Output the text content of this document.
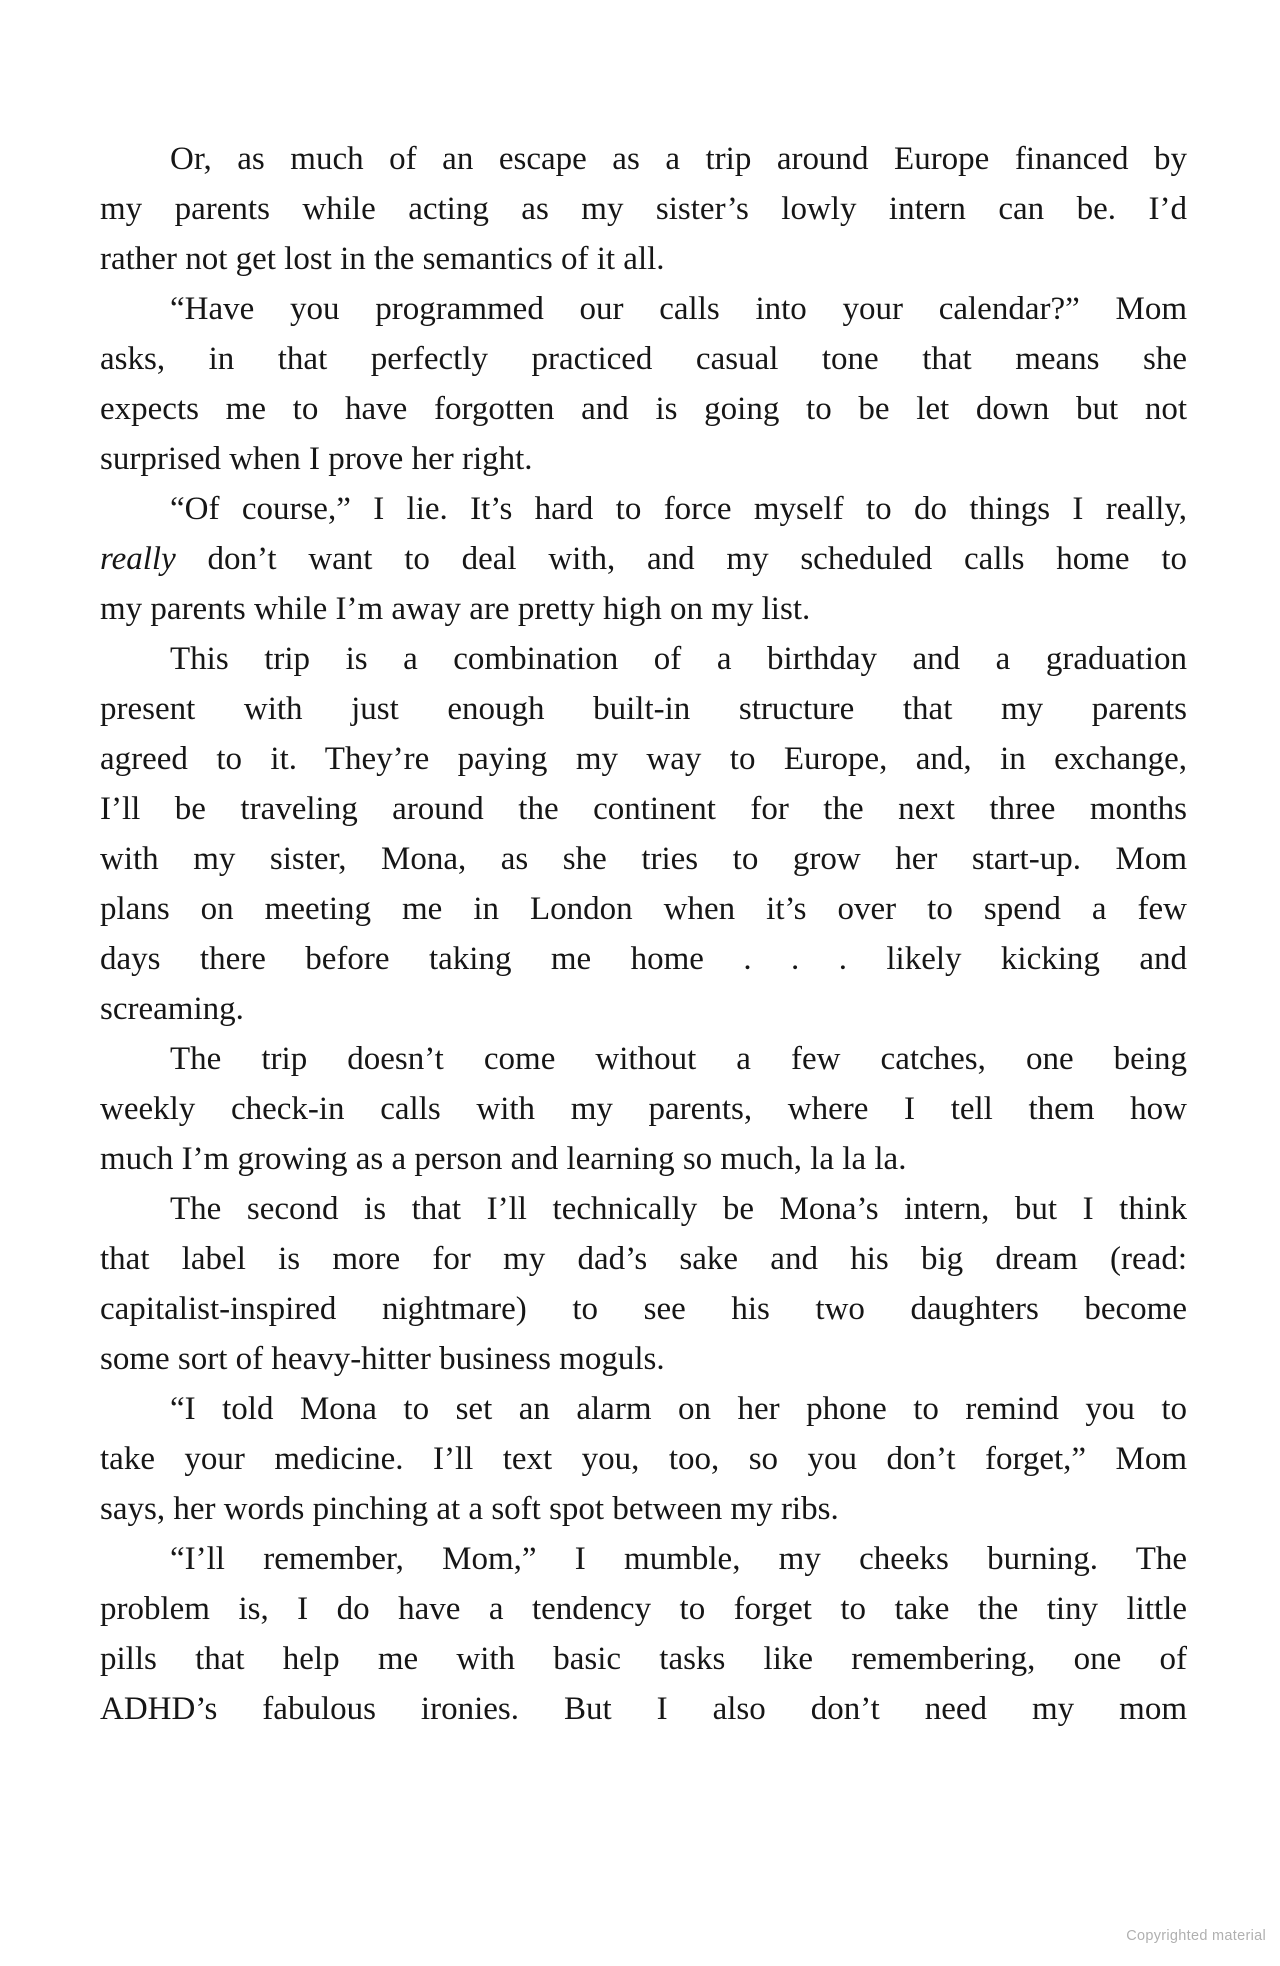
Or, as much of an escape as a trip around Europe financed by
my parents while acting as my sister’s lowly intern can be. I’d
rather not get lost in the semantics of it all.

“Have you programmed our calls into your calendar?” Mom
asks, in that perfectly practiced casual tone that means she
expects me to have forgotten and is going to be let down but not
surprised when I prove her right.

“Of course,” I lie. It’s hard to force myself to do things I really,
really don’t want to deal with, and my scheduled calls home to
my parents while I’m away are pretty high on my list.

This trip is a combination of a birthday and a graduation
present with just enough built-in structure that my parents
agreed to it. They’re paying my way to Europe, and, in exchange,
I’ll be traveling around the continent for the next three months
with my sister, Mona, as she tries to grow her start-up. Mom
plans on meeting me in London when it’s over to spend a few
days there before taking me home . . . likely kicking and
screaming.

The trip doesn’t come without a few catches, one being
weekly check-in calls with my parents, where I tell them how
much I’m growing as a person and learning so much, la la la.

The second is that I’ll technically be Mona’s intern, but I think
that label is more for my dad’s sake and his big dream (read:
capitalist-inspired nightmare) to see his two daughters become
some sort of heavy-hitter business moguls.

“I told Mona to set an alarm on her phone to remind you to
take your medicine. I’ll text you, too, so you don’t forget,” Mom
says, her words pinching at a soft spot between my ribs.

“I’ll remember, Mom,” I mumble, my cheeks burning. The
problem is, I do have a tendency to forget to take the tiny little
pills that help me with basic tasks like remembering, one of
ADHD’s fabulous ironies. But I also don’t need my mom

Copyrighted material
